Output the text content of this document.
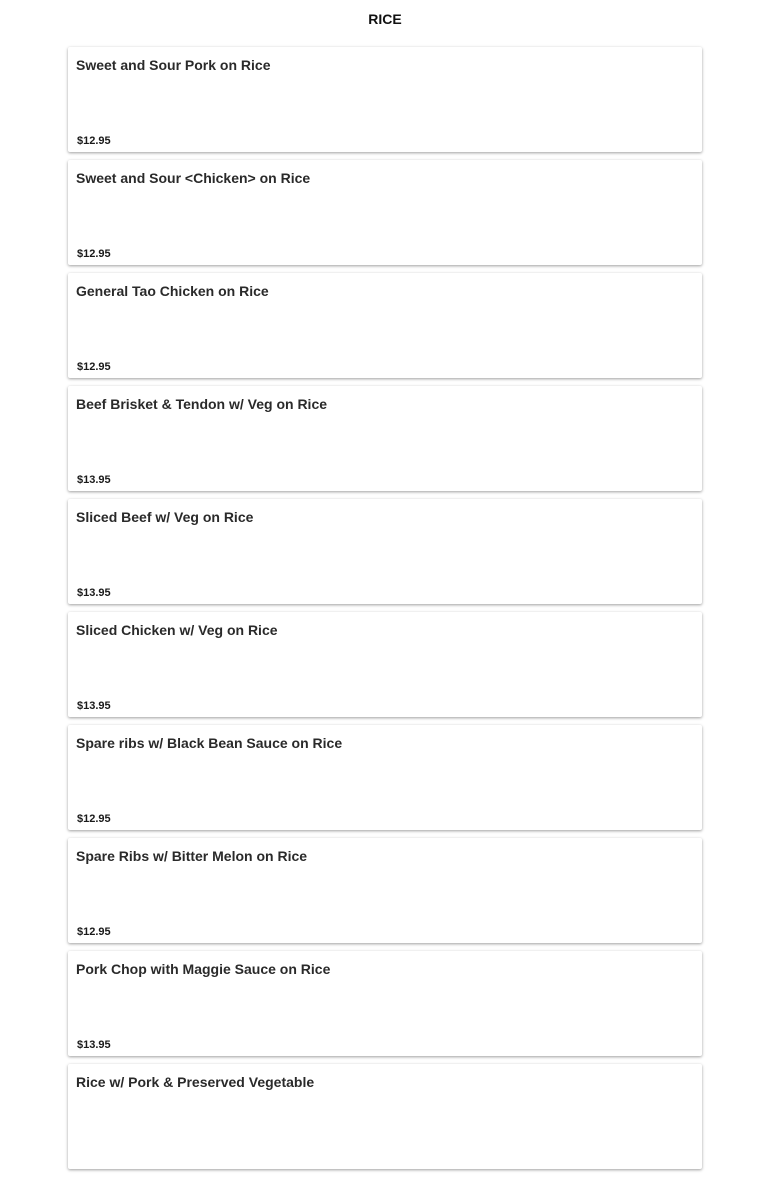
RICE
Sweet and Sour Pork on Rice
$12.95
Sweet and Sour <Chicken> on Rice
$12.95
General Tao Chicken on Rice
$12.95
Beef Brisket & Tendon w/ Veg on Rice
$13.95
Sliced Beef w/ Veg on Rice
$13.95
Sliced Chicken w/ Veg on Rice
$13.95
Spare ribs w/ Black Bean Sauce on Rice
$12.95
Spare Ribs w/ Bitter Melon on Rice
$12.95
Pork Chop with Maggie Sauce on Rice
$13.95
Rice w/ Pork & Preserved Vegetable
